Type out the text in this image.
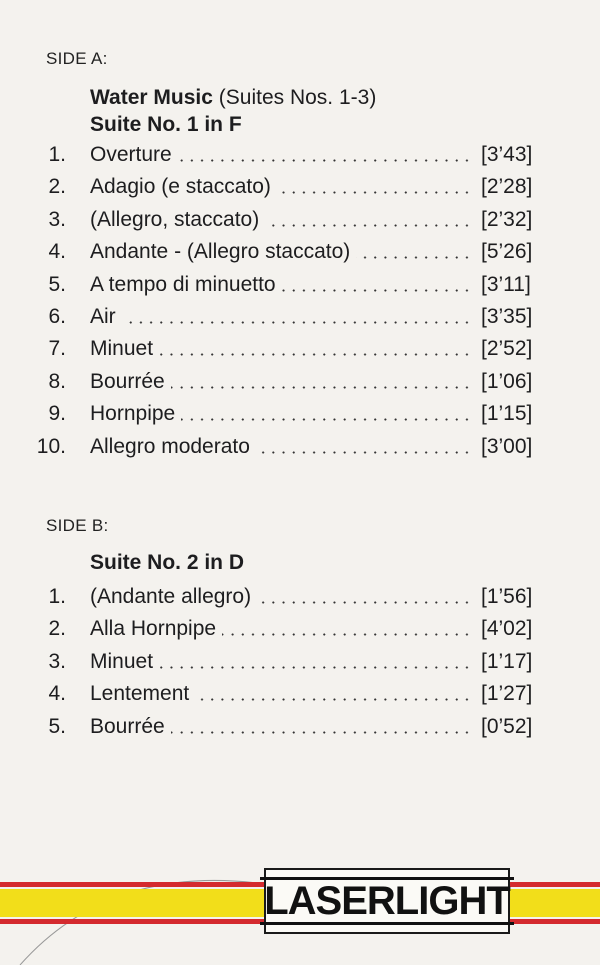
SIDE A:
Water Music (Suites Nos. 1-3)
Suite No. 1 in F
1. Overture	[3’43]
2. Adagio (e staccato)	[2’28]
3. (Allegro, staccato)	[2’32]
4. Andante - (Allegro staccato)	[5’26]
5. A tempo di minuetto	[3’11]
6. Air	[3’35]
7. Minuet	[2’52]
8. Bourrée	[1’06]
9. Hornpipe	[1’15]
10. Allegro moderato	[3’00]
SIDE B:
Suite No. 2 in D
1. (Andante allegro)	[1’56]
2. Alla Hornpipe	[4’02]
3. Minuet	[1’17]
4. Lentement	[1’27]
5. Bourrée	[0’52]
LASERLIGHT
